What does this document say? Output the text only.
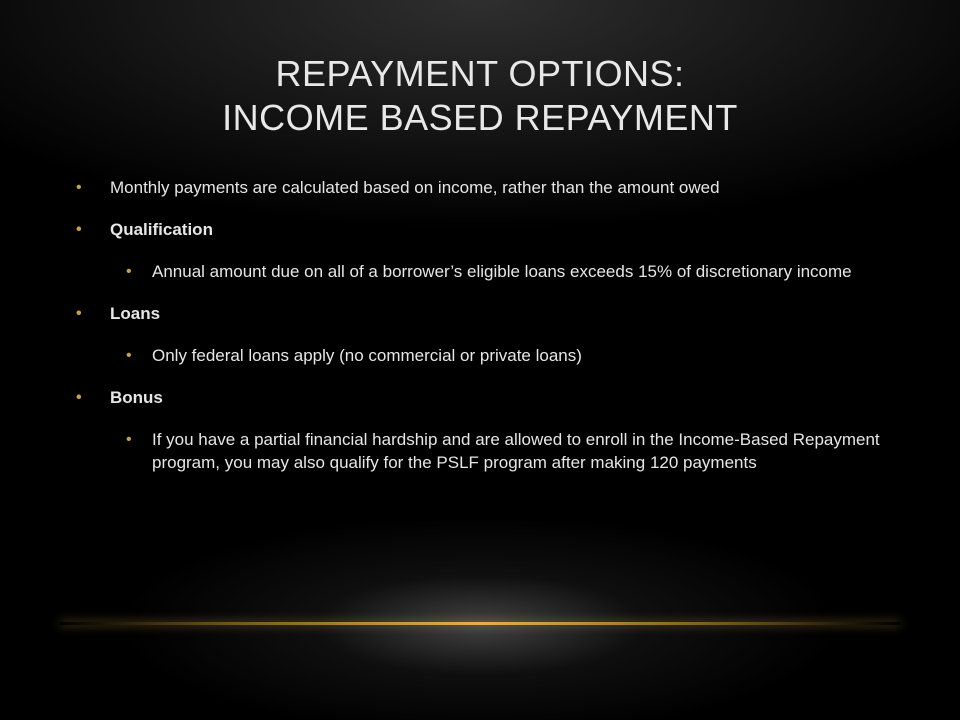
REPAYMENT OPTIONS:
INCOME BASED REPAYMENT
• Monthly payments are calculated based on income, rather than the amount owed
• Qualification
• Annual amount due on all of a borrower’s eligible loans exceeds 15% of discretionary income
• Loans
• Only federal loans apply (no commercial or private loans)
• Bonus
• If you have a partial financial hardship and are allowed to enroll in the Income-Based Repayment program, you may also qualify for the PSLF program after making 120 payments
